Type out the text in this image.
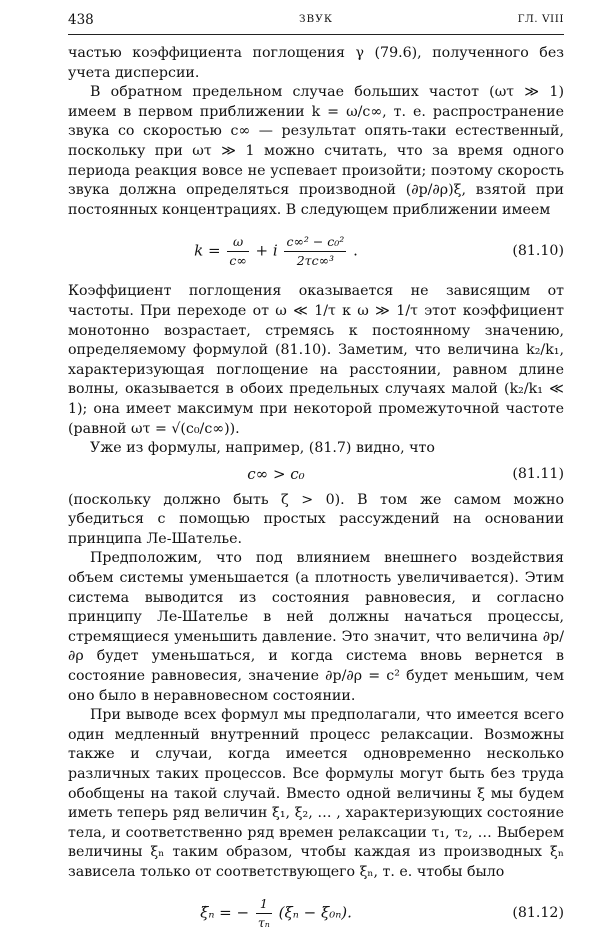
438	ЗВУК	ГЛ. VIII

частью коэффициента поглощения γ (79.6), полученного без учета дисперсии.

В обратном предельном случае больших частот (ωτ ≫ 1) имеем в первом приближении k = ω/c∞, т. е. распространение звука со скоростью c∞ — результат опять-таки естественный, поскольку при ωτ ≫ 1 можно считать, что за время одного периода реакция вовсе не успевает произойти; поэтому скорость звука должна определяться производной (∂p/∂ρ)ξ, взятой при постоянных концентрациях. В следующем приближении имеем

$k = \frac{\omega}{c\infty} + i \frac{\text{c∞² − c₀²}}{\text{2τc∞³}}$ .	(81.10)

Коэффициент поглощения оказывается не зависящим от частоты. При переходе от ω ≪ 1/τ к ω ≫ 1/τ этот коэффициент монотонно возрастает, стремясь к постоянному значению, определяемому формулой (81.10). Заметим, что величина k₂/k₁, характеризующая поглощение на расстоянии, равном длине волны, оказывается в обоих предельных случаях малой (k₂/k₁ ≪ 1); она имеет максимум при некоторой промежуточной частоте (равной ωτ = √(c₀/c∞)).

Уже из формулы, например, (81.7) видно, что

c∞ > c₀	(81.11)

(поскольку должно быть ζ > 0). В том же самом можно убедиться с помощью простых рассуждений на основании принципа Ле-Шателье.

Предположим, что под влиянием внешнего воздействия объем системы уменьшается (а плотность увеличивается). Этим система выводится из состояния равновесия, и согласно принципу Ле-Шателье в ней должны начаться процессы, стремящиеся уменьшить давление. Это значит, что величина ∂p/∂ρ будет уменьшаться, и когда система вновь вернется в состояние равновесия, значение ∂p/∂ρ = c² будет меньшим, чем оно было в неравновесном состоянии.

При выводе всех формул мы предполагали, что имеется всего один медленный внутренний процесс релаксации. Возможны также и случаи, когда имеется одновременно несколько различных таких процессов. Все формулы могут быть без труда обобщены на такой случай. Вместо одной величины ξ мы будем иметь теперь ряд величин ξ₁, ξ₂, … , характеризующих состояние тела, и соответственно ряд времен релаксации τ₁, τ₂, … Выберем величины ξₙ таким образом, чтобы каждая из производных ξ̇ₙ зависела только от соответствующего ξₙ, т. е. чтобы было

ξ̇ₙ = − $\frac{1}{\text{τₙ}} (\xi_n - \xi_{0n})$.	(81.12)
